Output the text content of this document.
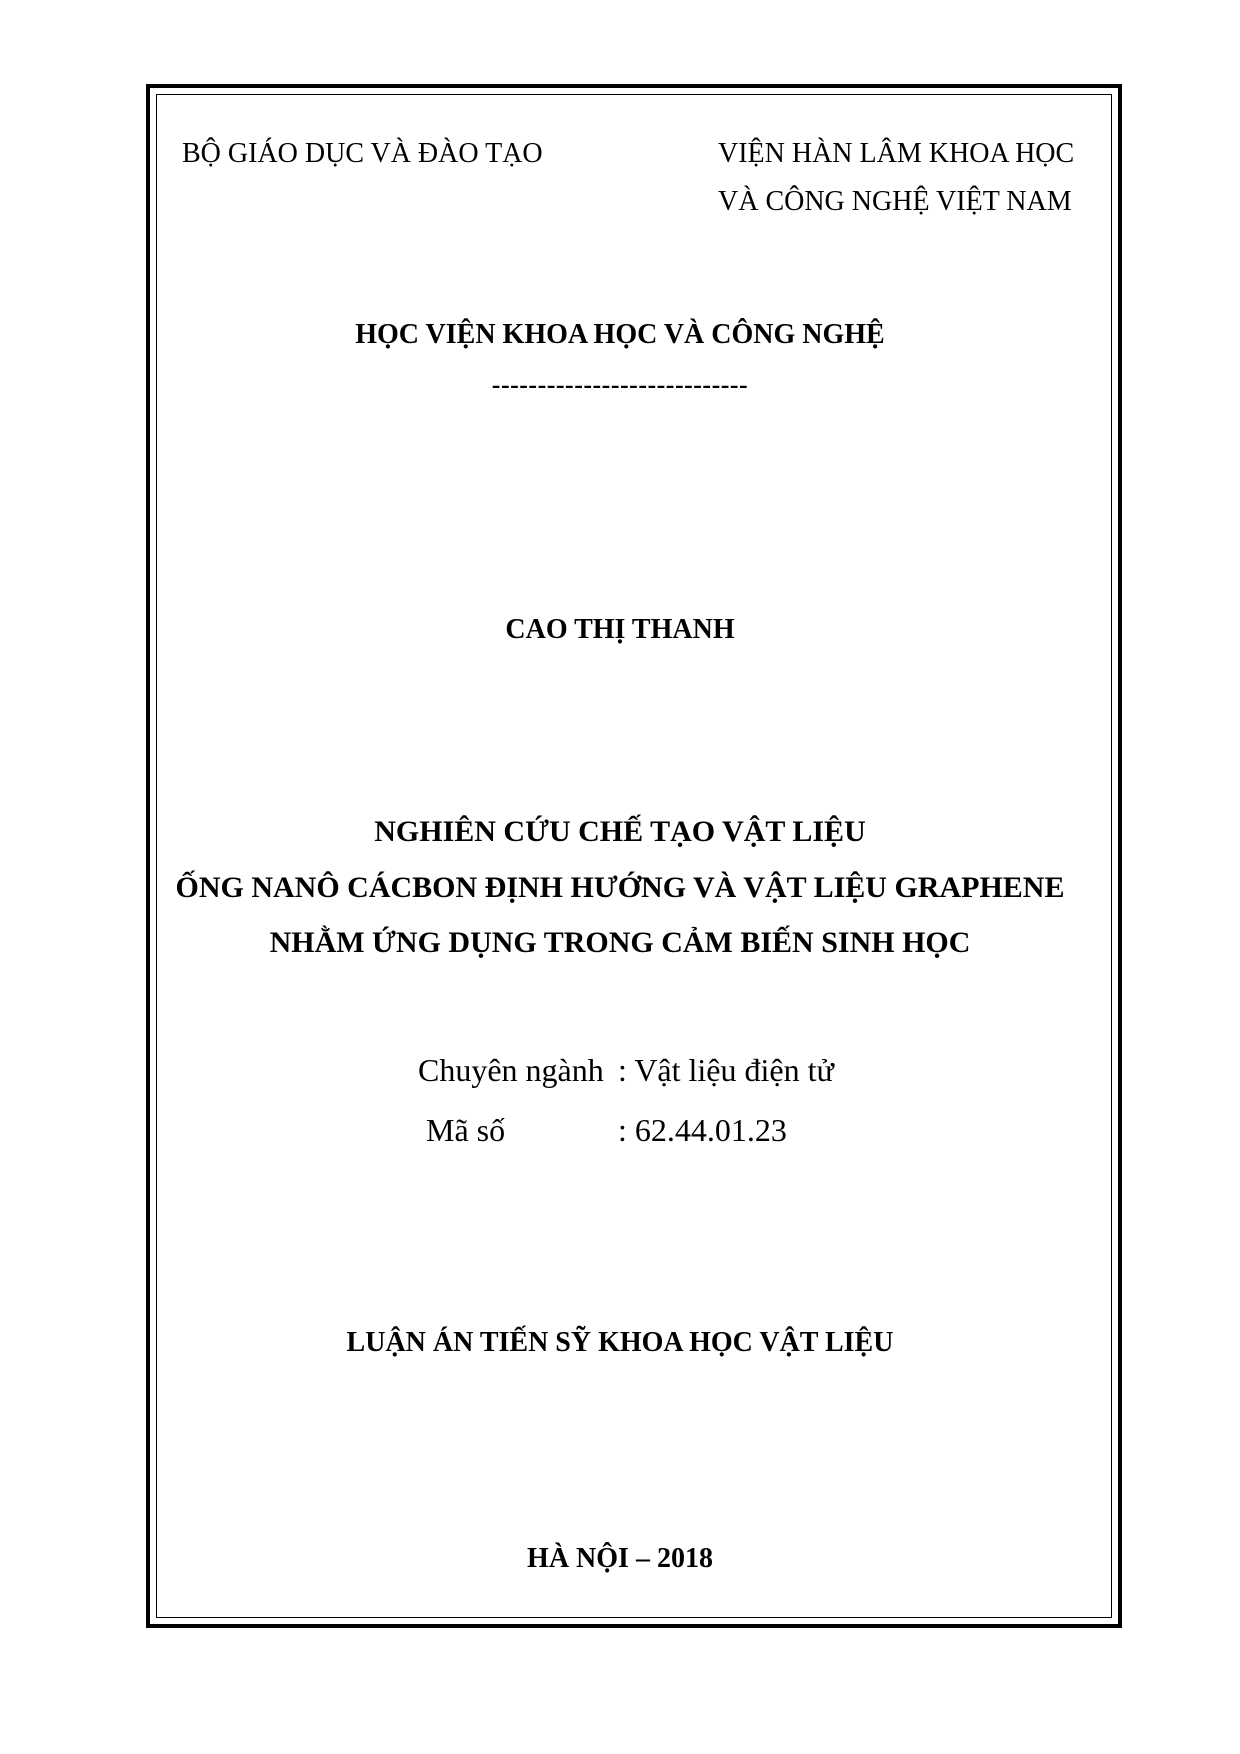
BỘ GIÁO DỤC VÀ ĐÀO TẠO	VIỆN HÀN LÂM KHOA HỌC
VÀ CÔNG NGHỆ VIỆT NAM
HỌC VIỆN KHOA HỌC VÀ CÔNG NGHỆ
----------------------------
CAO THỊ THANH
NGHIÊN CỨU CHẾ TẠO VẬT LIỆU
ỐNG NANÔ CÁCBON ĐỊNH HƯỚNG VÀ VẬT LIỆU GRAPHENE
NHẰM ỨNG DỤNG TRONG CẢM BIẾN SINH HỌC
Chuyên ngành : Vật liệu điện tử
Mã số	: 62.44.01.23
LUẬN ÁN TIẾN SỸ KHOA HỌC VẬT LIỆU
HÀ NỘI – 2018
